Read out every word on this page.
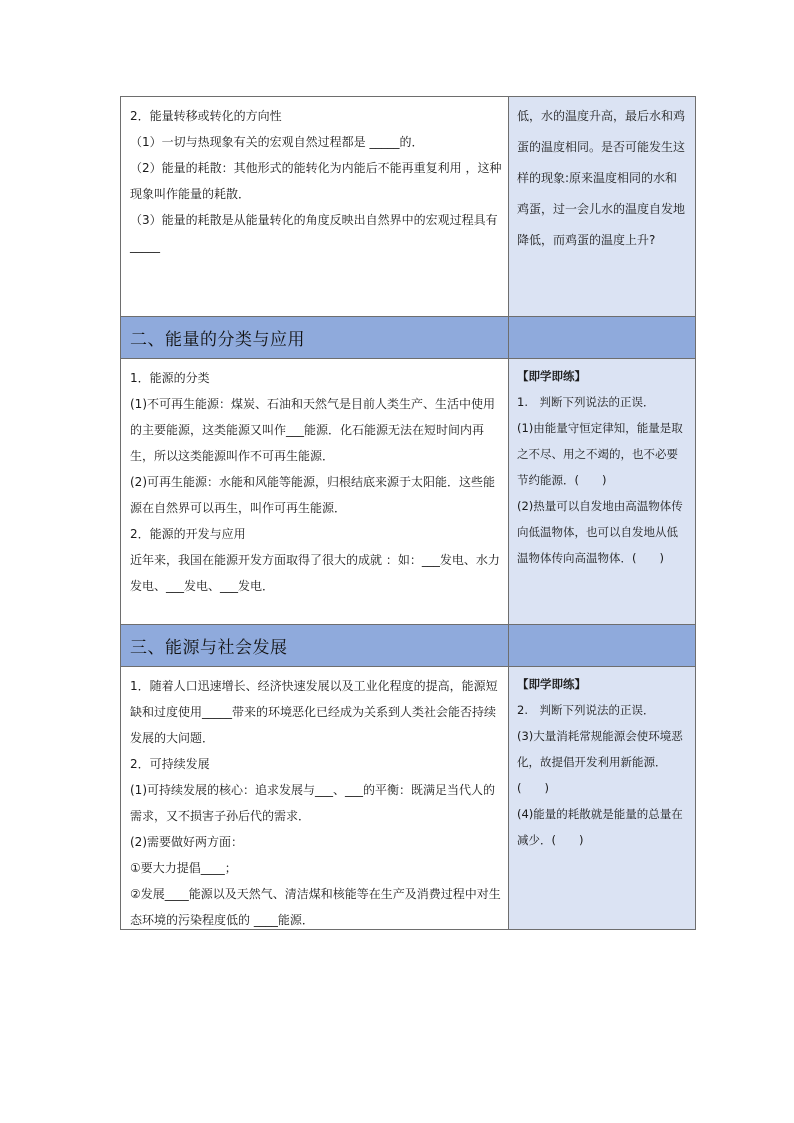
2．能量转移或转化的方向性

（1）一切与热现象有关的宏观自然过程都是 _____的．

（2）能量的耗散：其他形式的能转化为内能后不能再重复利用 ，这种现象叫作能量的耗散．

（3）能量的耗散是从能量转化的角度反映出自然界中的宏观过程具有_____

低，水的温度升高，最后水和鸡蛋的温度相同。是否可能发生这样的现象:原来温度相同的水和鸡蛋，过一会儿水的温度自发地降低，而鸡蛋的温度上升?

二、能量的分类与应用

1．能源的分类

(1)不可再生能源：煤炭、石油和天然气是目前人类生产、生活中使用的主要能源，这类能源又叫作___能源．化石能源无法在短时间内再生，所以这类能源叫作不可再生能源．

(2)可再生能源：水能和风能等能源，归根结底来源于太阳能．这些能源在自然界可以再生，叫作可再生能源．

2．能源的开发与应用

近年来，我国在能源开发方面取得了很大的成就 ：如：___发电、水力发电、___发电、___发电．

【即学即练】

1.　判断下列说法的正误．

(1)由能量守恒定律知，能量是取之不尽、用之不竭的，也不必要节约能源．(　　)

(2)热量可以自发地由高温物体传向低温物体，也可以自发地从低温物体传向高温物体．(　　)

三、能源与社会发展

1．随着人口迅速增长、经济快速发展以及工业化程度的提高，能源短缺和过度使用_____带来的环境恶化已经成为关系到人类社会能否持续发展的大问题．

2．可持续发展

(1)可持续发展的核心：追求发展与___、___的平衡：既满足当代人的需求，又不损害子孙后代的需求．

(2)需要做好两方面：

①要大力提倡____；

②发展____能源以及天然气、清洁煤和核能等在生产及消费过程中对生态环境的污染程度低的 ____能源．

【即学即练】

2.　判断下列说法的正误．

(3)大量消耗常规能源会使环境恶化，故提倡开发利用新能源．(　　)

(4)能量的耗散就是能量的总量在减少．(　　)
